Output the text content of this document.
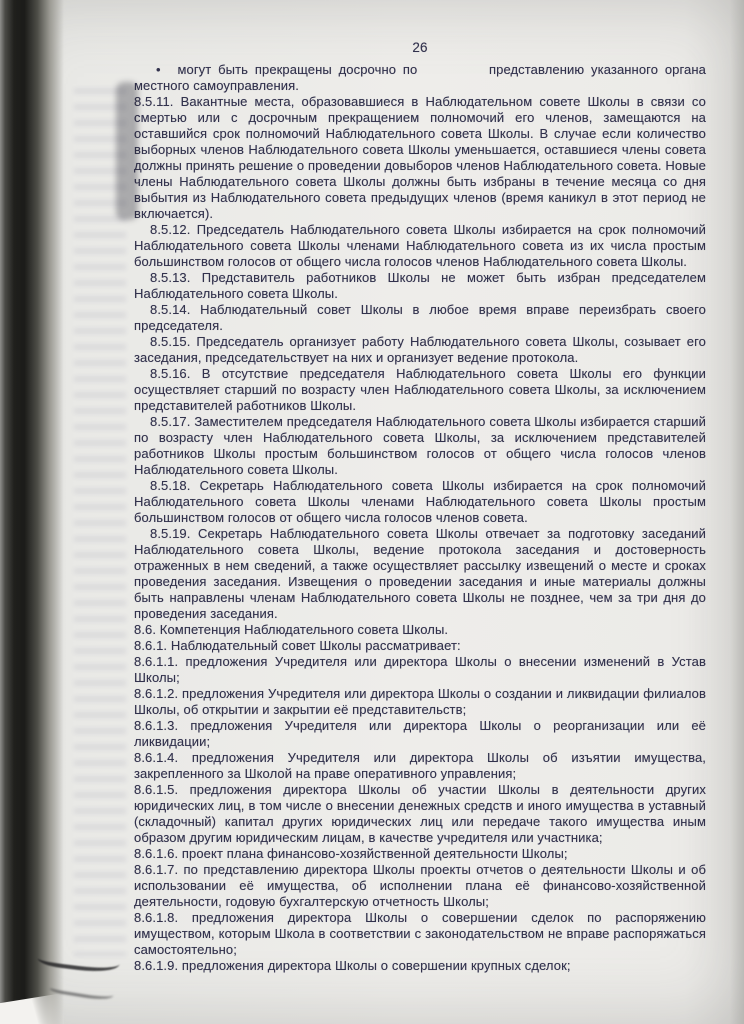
26

• могут быть прекращены досрочно по	представлению указанного органа местного самоуправления.

8.5.11. Вакантные места, образовавшиеся в Наблюдательном совете Школы в связи со смертью или с досрочным прекращением полномочий его членов, замещаются на оставшийся срок полномочий Наблюдательного совета Школы. В случае если количество выборных членов Наблюдательного совета Школы уменьшается, оставшиеся члены совета должны принять решение о проведении довыборов членов Наблюдательного совета. Новые члены Наблюдательного совета Школы должны быть избраны в течение месяца со дня выбытия из Наблюдательного совета предыдущих членов (время каникул в этот период не включается).

8.5.12. Председатель Наблюдательного совета Школы избирается на срок полномочий Наблюдательного совета Школы членами Наблюдательного совета из их числа простым большинством голосов от общего числа голосов членов Наблюдательного совета Школы.

8.5.13. Представитель работников Школы не может быть избран председателем Наблюдательного совета Школы.

8.5.14. Наблюдательный совет Школы в любое время вправе переизбрать своего председателя.

8.5.15. Председатель организует работу Наблюдательного совета Школы, созывает его заседания, председательствует на них и организует ведение протокола.

8.5.16. В отсутствие председателя Наблюдательного совета Школы его функции осуществляет старший по возрасту член Наблюдательного совета Школы, за исключением представителей работников Школы.

8.5.17. Заместителем председателя Наблюдательного совета Школы избирается старший по возрасту член Наблюдательного совета Школы, за исключением представителей работников Школы простым большинством голосов от общего числа голосов членов Наблюдательного совета Школы.

8.5.18. Секретарь Наблюдательного совета Школы избирается на срок полномочий Наблюдательного совета Школы членами Наблюдательного совета Школы простым большинством голосов от общего числа голосов членов совета.

8.5.19. Секретарь Наблюдательного совета Школы отвечает за подготовку заседаний Наблюдательного совета Школы, ведение протокола заседания и достоверность отраженных в нем сведений, а также осуществляет рассылку извещений о месте и сроках проведения заседания. Извещения о проведении заседания и иные материалы должны быть направлены членам Наблюдательного совета Школы не позднее, чем за три дня до проведения заседания.

8.6. Компетенция Наблюдательного совета Школы.

8.6.1. Наблюдательный совет Школы рассматривает:

8.6.1.1. предложения Учредителя или директора Школы о внесении изменений в Устав Школы;

8.6.1.2. предложения Учредителя или директора Школы о создании и ликвидации филиалов Школы, об открытии и закрытии её представительств;

8.6.1.3. предложения Учредителя или директора Школы о реорганизации или её ликвидации;

8.6.1.4. предложения Учредителя или директора Школы об изъятии имущества, закрепленного за Школой на праве оперативного управления;

8.6.1.5. предложения директора Школы об участии Школы в деятельности других юридических лиц, в том числе о внесении денежных средств и иного имущества в уставный (складочный) капитал других юридических лиц или передаче такого имущества иным образом другим юридическим лицам, в качестве учредителя или участника;

8.6.1.6. проект плана финансово-хозяйственной деятельности Школы;

8.6.1.7. по представлению директора Школы проекты отчетов о деятельности Школы и об использовании её имущества, об исполнении плана её финансово-хозяйственной деятельности, годовую бухгалтерскую отчетность Школы;

8.6.1.8. предложения директора Школы о совершении сделок по распоряжению имуществом, которым Школа в соответствии с законодательством не вправе распоряжаться самостоятельно;

8.6.1.9. предложения директора Школы о совершении крупных сделок;
